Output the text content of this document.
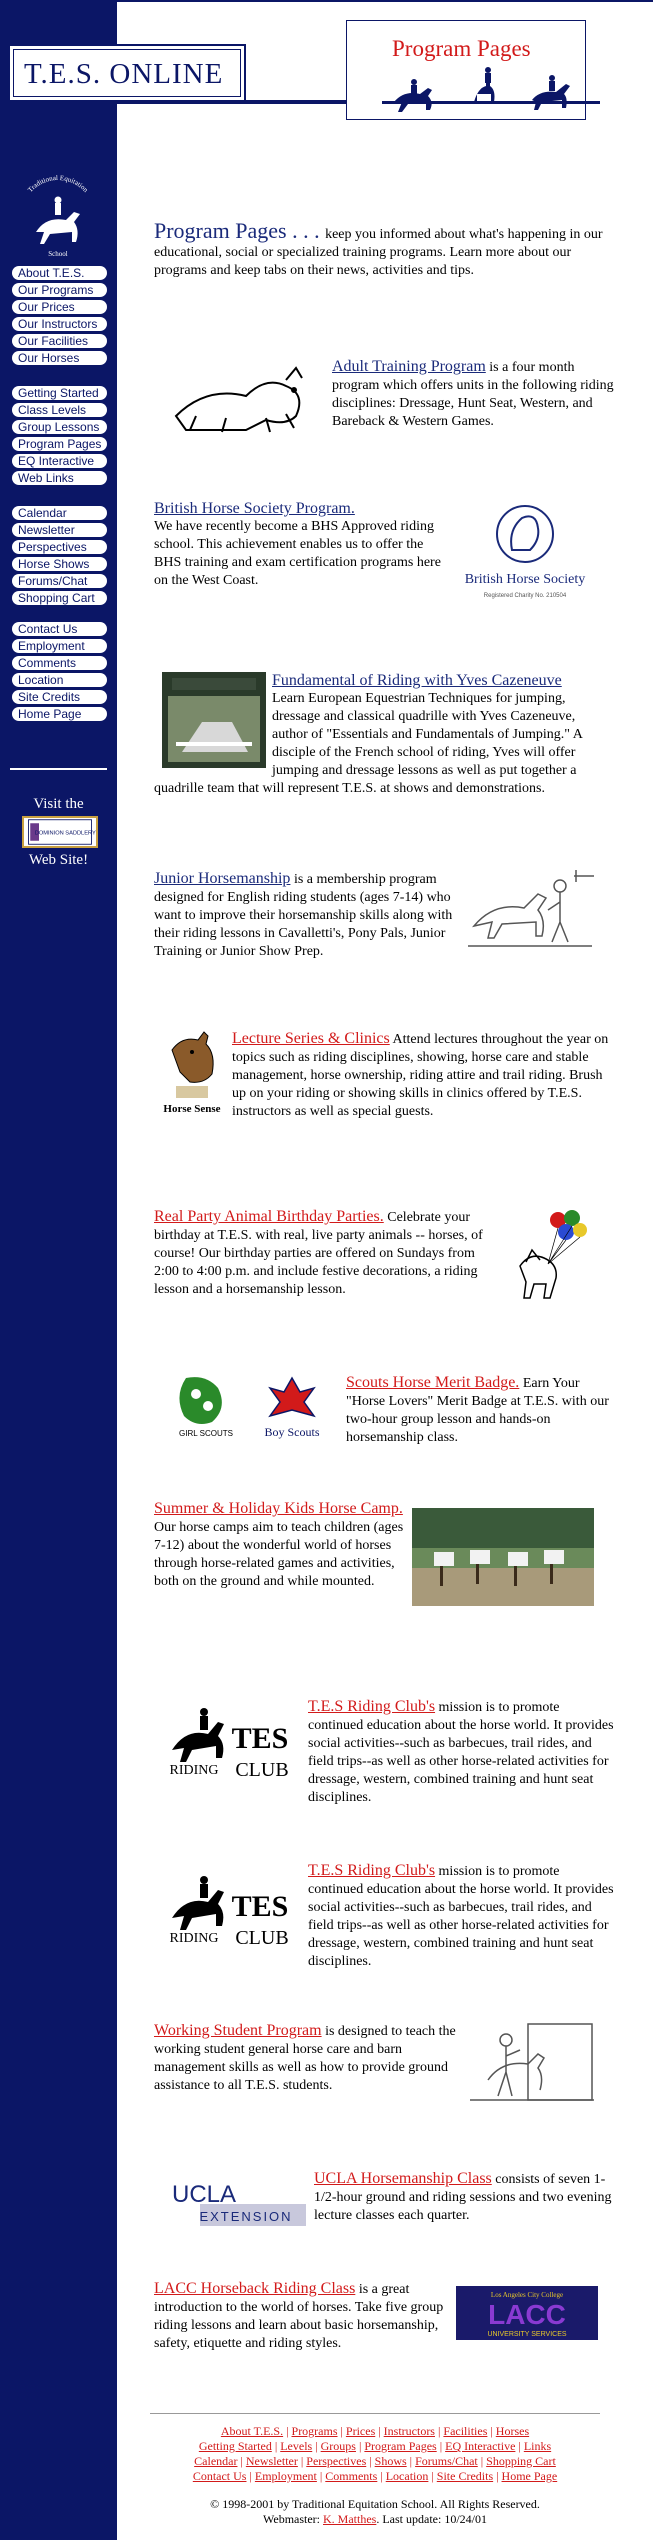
T.E.S. ONLINE
Program Pages
Traditional Equitation
School
About T.E.S.
Our Programs
Our Prices
Our Instructors
Our Facilities
Our Horses
Getting Started
Class Levels
Group Lessons
Program Pages
EQ Interactive
Web Links
Calendar
Newsletter
Perspectives
Horse Shows
Forums/Chat
Shopping Cart
Contact Us
Employment
Comments
Location
Site Credits
Home Page
Visit the
DOMINION SADDLERY
Web Site!
Program Pages . . . keep you informed about what's happening in our educational, social or specialized training programs. Learn more about our programs and keep tabs on their news, activities and tips.
Adult Training Program is a four month program which offers units in the following riding disciplines: Dressage, Hunt Seat, Western, and Bareback & Western Games.
British Horse Society Program.
We have recently become a BHS Approved riding school. This achievement enables us to offer the BHS training and exam certification programs here on the West Coast.	British Horse Society
Registered Charity No. 210504
Fundamental of Riding with Yves Cazeneuve
Learn European Equestrian Techniques for jumping, dressage and classical quadrille with Yves Cazeneuve, author of "Essentials and Fundamentals of Jumping." A disciple of the French school of riding, Yves will offer jumping and dressage lessons as well as put together a quadrille team that will represent T.E.S. at shows and demonstrations.
Junior Horsemanship is a membership program designed for English riding students (ages 7-14) who want to improve their horsemanship skills along with their riding lessons in Cavalletti's, Pony Pals, Junior Training or Junior Show Prep.
Horse Sense
Lecture Series & Clinics Attend lectures throughout the year on topics such as riding disciplines, showing, horse care and stable management, horse ownership, riding attire and trail riding. Brush up on your riding or showing skills in clinics offered by T.E.S. instructors as well as special guests.
Real Party Animal Birthday Parties. Celebrate your birthday at T.E.S. with real, live party animals -- horses, of course! Our birthday parties are offered on Sundays from 2:00 to 4:00 p.m. and include festive decorations, a riding lesson and a horsemanship lesson.
GIRL SCOUTS	Boy Scouts
Scouts Horse Merit Badge. Earn Your "Horse Lovers" Merit Badge at T.E.S. with our two-hour group lesson and hands-on horsemanship class.
Summer & Holiday Kids Horse Camp. Our horse camps aim to teach children (ages 7-12) about the wonderful world of horses through horse-related games and activities, both on the ground and while mounted.
TES
RIDING CLUB
T.E.S Riding Club's mission is to promote continued education about the horse world. It provides social activities--such as barbecues, trail rides, and field trips--as well as other horse-related activities for dressage, western, combined training and hunt seat disciplines.
TES
RIDING CLUB
T.E.S Riding Club's mission is to promote continued education about the horse world. It provides social activities--such as barbecues, trail rides, and field trips--as well as other horse-related activities for dressage, western, combined training and hunt seat disciplines.
Working Student Program is designed to teach the working student general horse care and barn management skills as well as how to provide ground assistance to all T.E.S. students.
UCLA
EXTENSION
UCLA Horsemanship Class consists of seven 1-1/2-hour ground and riding sessions and two evening lecture classes each quarter.
LACC Horseback Riding Class is a great introduction to the world of horses. Take five group riding lessons and learn about basic horsemanship, safety, etiquette and riding styles.
Los Angeles City College
LACC
UNIVERSITY SERVICES
About T.E.S. | Programs | Prices | Instructors | Facilities | Horses
Getting Started | Levels | Groups | Program Pages | EQ Interactive | Links
Calendar | Newsletter | Perspectives | Shows | Forums/Chat | Shopping Cart
Contact Us | Employment | Comments | Location | Site Credits | Home Page
© 1998-2001 by Traditional Equitation School. All Rights Reserved.
Webmaster: K. Matthes. Last update: 10/24/01
